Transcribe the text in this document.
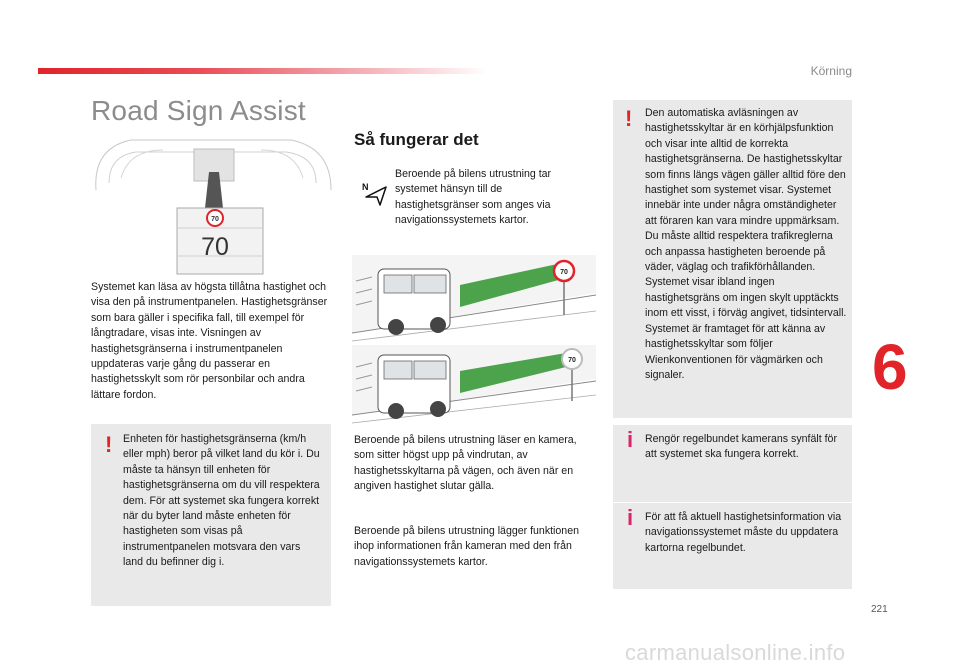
Körning
Road Sign Assist
70
70
Systemet kan läsa av högsta tillåtna hastighet och visa den på instrumentpanelen. Hastighetsgränser som bara gäller i specifika fall, till exempel för långtradare, visas inte. Visningen av hastighetsgränserna i instrumentpanelen uppdateras varje gång du passerar en hastighetsskylt som rör personbilar och andra lättare fordon.
! Enheten för hastighetsgränserna (km/h eller mph) beror på vilket land du kör i. Du måste ta hänsyn till enheten för hastighetsgränserna om du vill respektera dem. För att systemet ska fungera korrekt när du byter land måste enheten för hastigheten som visas på instrumentpanelen motsvara den vars land du befinner dig i.
Så fungerar det
N
Beroende på bilens utrustning tar systemet hänsyn till de hastighetsgränser som anges via navigationssystemets kartor.
70
70
Beroende på bilens utrustning läser en kamera, som sitter högst upp på vindrutan, av hastighetsskyltarna på vägen, och även när en angiven hastighet slutar gälla.
Beroende på bilens utrustning lägger funktionen ihop informationen från kameran med den från navigationssystemets kartor.
! Den automatiska avläsningen av hastighetsskyltar är en körhjälpsfunktion och visar inte alltid de korrekta hastighetsgränserna. De hastighetsskyltar som finns längs vägen gäller alltid före den hastighet som systemet visar. Systemet innebär inte under några omständigheter att föraren kan vara mindre uppmärksam. Du måste alltid respektera trafikreglerna och anpassa hastigheten beroende på väder, väglag och trafikförhållanden. Systemet visar ibland ingen hastighetsgräns om ingen skylt upptäckts inom ett visst, i förväg angivet, tidsintervall. Systemet är framtaget för att känna av hastighetsskyltar som följer Wienkonventionen för vägmärken och signaler.
i Rengör regelbundet kamerans synfält för att systemet ska fungera korrekt.
i För att få aktuell hastighetsinformation via navigationssystemet måste du uppdatera kartorna regelbundet.
6
221
carmanualsonline.info
